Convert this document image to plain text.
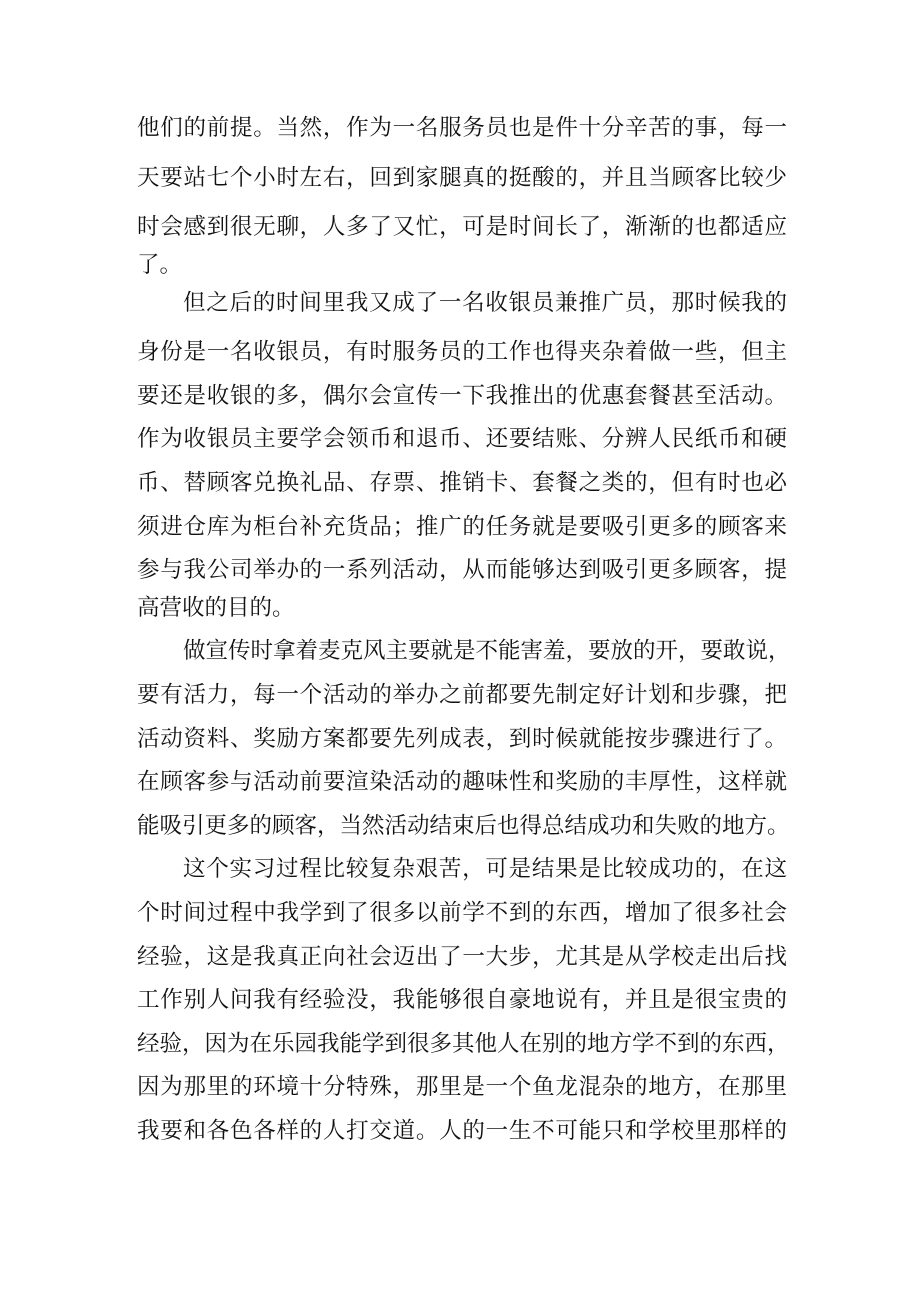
他们的前提。当然，作为一名服务员也是件十分辛苦的事，每一
天要站七个小时左右，回到家腿真的挺酸的，并且当顾客比较少
时会感到很无聊，人多了又忙，可是时间长了，渐渐的也都适应
了。
但之后的时间里我又成了一名收银员兼推广员，那时候我的
身份是一名收银员，有时服务员的工作也得夹杂着做一些，但主
要还是收银的多，偶尔会宣传一下我推出的优惠套餐甚至活动。
作为收银员主要学会领币和退币、还要结账、分辨人民纸币和硬
币、替顾客兑换礼品、存票、推销卡、套餐之类的，但有时也必
须进仓库为柜台补充货品；推广的任务就是要吸引更多的顾客来
参与我公司举办的一系列活动，从而能够达到吸引更多顾客，提
高营收的目的。
做宣传时拿着麦克风主要就是不能害羞，要放的开，要敢说，
要有活力，每一个活动的举办之前都要先制定好计划和步骤，把
活动资料、奖励方案都要先列成表，到时候就能按步骤进行了。
在顾客参与活动前要渲染活动的趣味性和奖励的丰厚性，这样就
能吸引更多的顾客，当然活动结束后也得总结成功和失败的地方。
这个实习过程比较复杂艰苦，可是结果是比较成功的，在这
个时间过程中我学到了很多以前学不到的东西，增加了很多社会
经验，这是我真正向社会迈出了一大步，尤其是从学校走出后找
工作别人问我有经验没，我能够很自豪地说有，并且是很宝贵的
经验，因为在乐园我能学到很多其他人在别的地方学不到的东西，
因为那里的环境十分特殊，那里是一个鱼龙混杂的地方，在那里
我要和各色各样的人打交道。人的一生不可能只和学校里那样的
